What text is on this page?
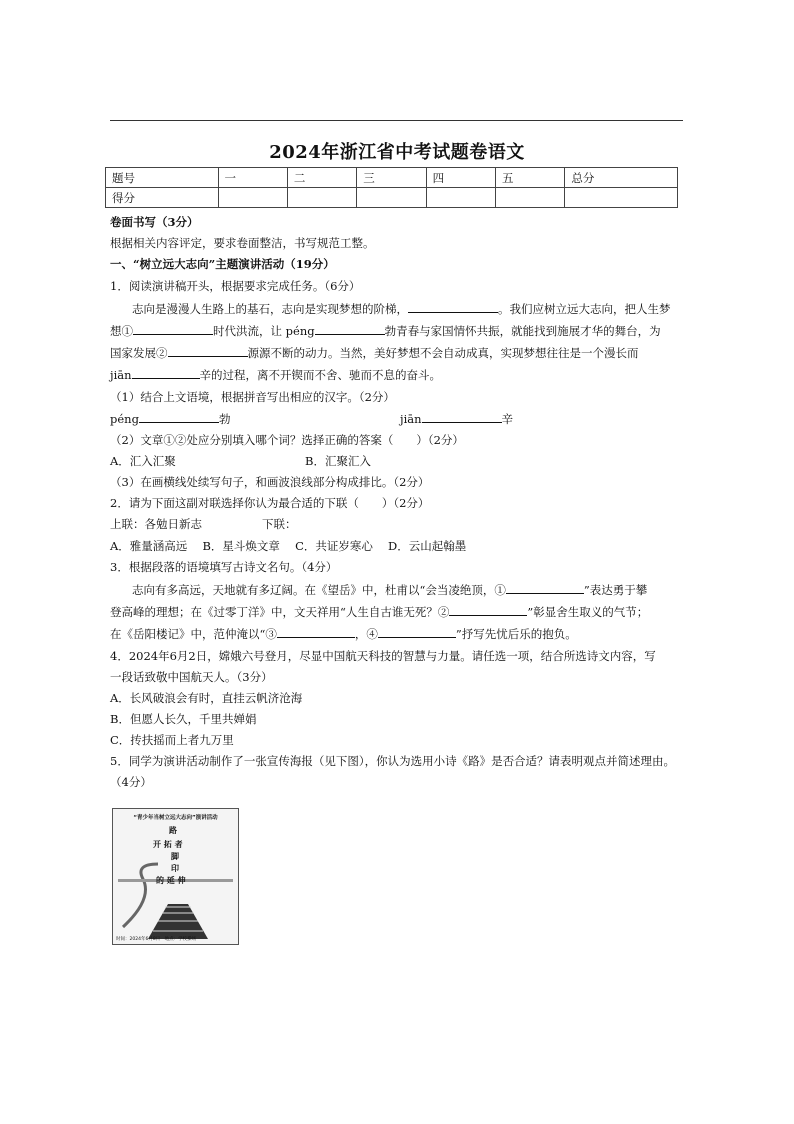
2024年浙江省中考试题卷语文
题号	一	二	三	四	五	总分
得分						
卷面书写（3分）
根据相关内容评定，要求卷面整洁，书写规范工整。
一、“树立远大志向”主题演讲活动（19分）
1．阅读演讲稿开头，根据要求完成任务。（6分）
志向是漫漫人生路上的基石，志向是实现梦想的阶梯，	。我们应树立远大志向，把人生梦
想①	时代洪流，让 péng	勃青春与家国情怀共振，就能找到施展才华的舞台，为
国家发展②	源源不断的动力。当然，美好梦想不会自动成真，实现梦想往往是一个漫长而
jiān	辛的过程，离不开锲而不舍、驰而不息的奋斗。
（1）结合上文语境，根据拼音写出相应的汉字。（2分）
péng	勃	jiān	辛
（2）文章①②处应分别填入哪个词？选择正确的答案（　　）（2分）
A．汇入汇聚	B．汇聚汇入
（3）在画横线处续写句子，和画波浪线部分构成排比。（2分）
2．请为下面这副对联选择你认为最合适的下联（　　）（2分）
上联：各勉日新志	下联：
A．雅量涵高远　 B．星斗焕文章　 C．共证岁寒心　 D．云山起翰墨
3．根据段落的语境填写古诗文名句。（4分）
志向有多高远，天地就有多辽阔。在《望岳》中，杜甫以“会当凌绝顶，①	”表达勇于攀
登高峰的理想；在《过零丁洋》中，文天祥用“人生自古谁无死？②	”彰显舍生取义的气节；
在《岳阳楼记》中，范仲淹以“③	，④	”抒写先忧后乐的抱负。
4．2024年6月2日，嫦娥六号登月，尽显中国航天科技的智慧与力量。请任选一项，结合所选诗文内容，写
一段话致敬中国航天人。（3分）
A．长风破浪会有时，直挂云帆济沧海
B．但愿人长久，千里共婵娟
C．抟扶摇而上者九万里
5．同学为演讲活动制作了一张宣传海报（见下图），你认为选用小诗《路》是否合适？请表明观点并简述理由。
（4分）
“青少年当树立远大志向”演讲活动
路
开 拓 者
脚
印
的 延 伸
时间：2024年6月8日　地点：学校操场
